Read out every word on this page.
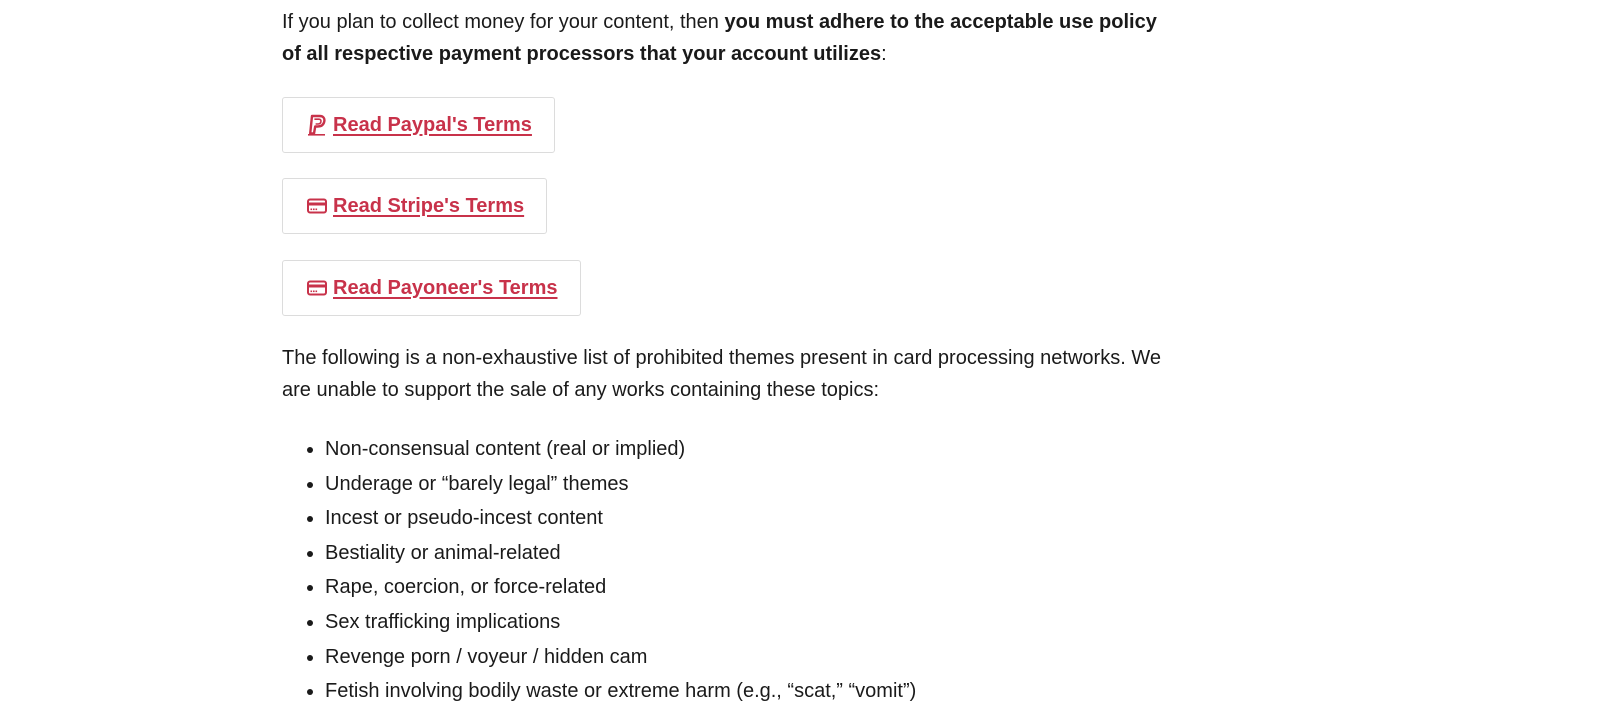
If you plan to collect money for your content, then you must adhere to the acceptable use policy of all respective payment processors that your account utilizes:

Read Paypal's Terms
Read Stripe's Terms
Read Payoneer's Terms

The following is a non-exhaustive list of prohibited themes present in card processing networks. We are unable to support the sale of any works containing these topics:

• Non-consensual content (real or implied)
• Underage or “barely legal” themes
• Incest or pseudo-incest content
• Bestiality or animal-related
• Rape, coercion, or force-related
• Sex trafficking implications
• Revenge porn / voyeur / hidden cam
• Fetish involving bodily waste or extreme harm (e.g., “scat,” “vomit”)
